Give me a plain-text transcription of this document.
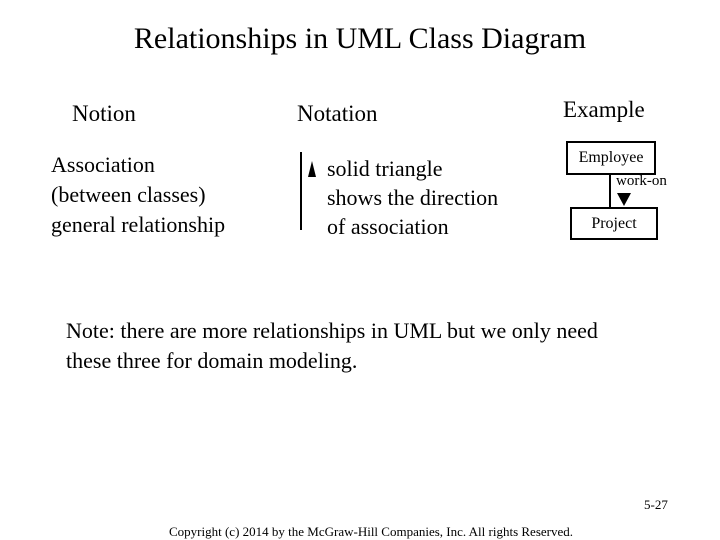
Relationships in UML Class Diagram
Notion	Notation	Example
Association
(between classes)
general relationship
solid triangle
shows the direction
of association
Employee
work-on
Project
Note: there are more relationships in UML but we only need
these three for domain modeling.
5-27
Copyright (c) 2014 by the McGraw-Hill Companies, Inc. All rights Reserved.
